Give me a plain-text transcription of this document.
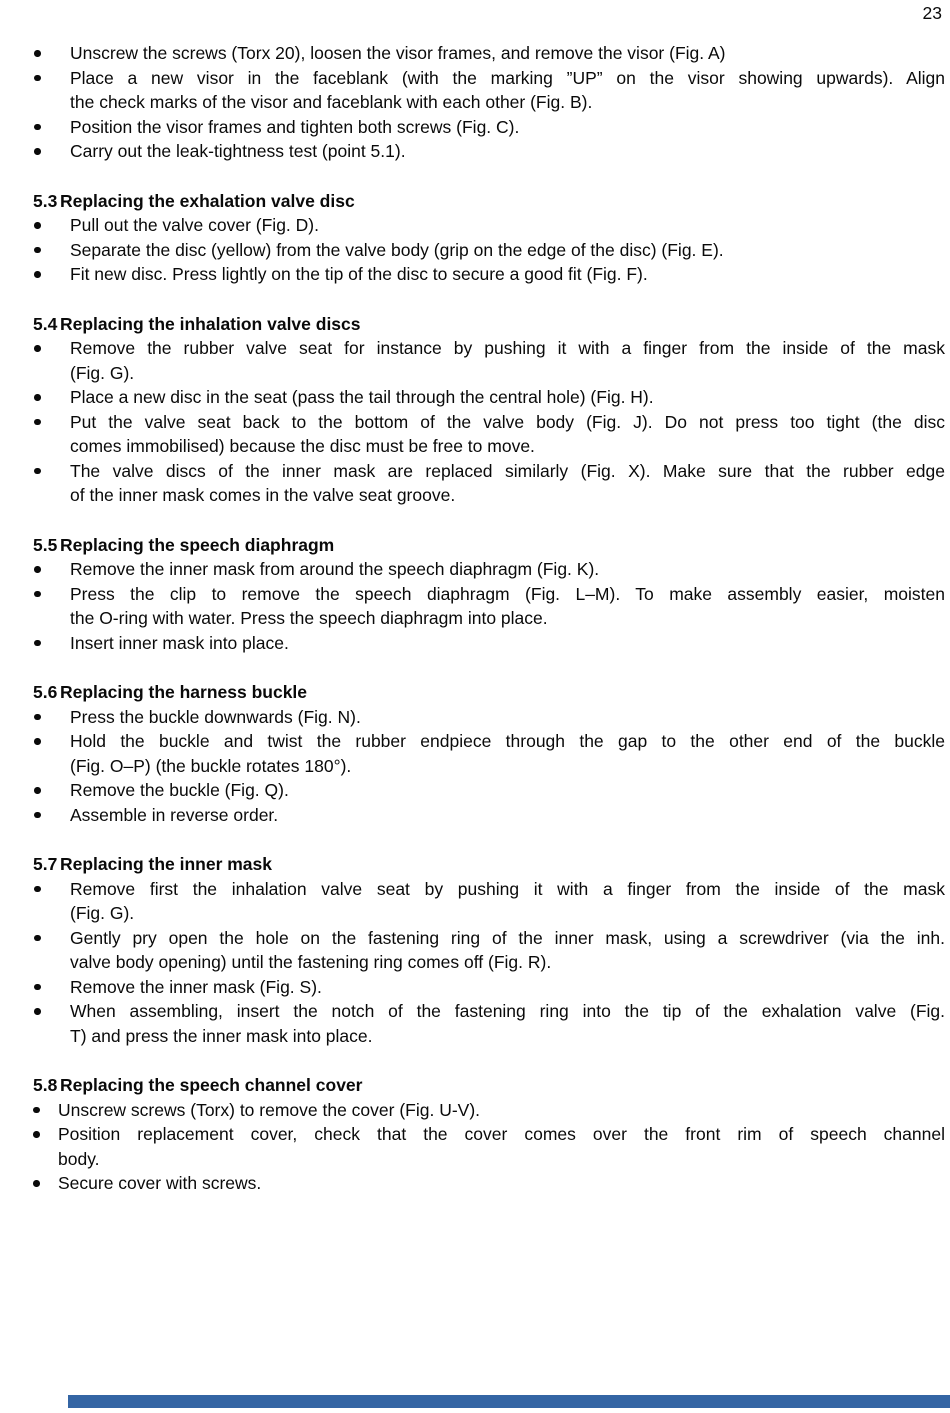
23
Unscrew the screws (Torx 20), loosen the visor frames, and remove the visor (Fig. A)
Place a new visor in the faceblank (with the marking ”UP” on the visor showing upwards). Align
the check marks of the visor and faceblank with each other (Fig. B).
Position the visor frames and tighten both screws (Fig. C).
Carry out the leak-tightness test (point 5.1).
5.3 Replacing the exhalation valve disc
Pull out the valve cover (Fig. D).
Separate the disc (yellow) from the valve body (grip on the edge of the disc) (Fig. E).
Fit new disc. Press lightly on the tip of the disc to secure a good fit (Fig. F).
5.4 Replacing the inhalation valve discs
Remove the rubber valve seat for instance by pushing it with a finger from the inside of the mask
(Fig. G).
Place a new disc in the seat (pass the tail through the central hole) (Fig. H).
Put the valve seat back to the bottom of the valve body (Fig. J). Do not press too tight (the disc
comes immobilised) because the disc must be free to move.
The valve discs of the inner mask are replaced similarly (Fig. X). Make sure that the rubber edge
of the inner mask comes in the valve seat groove.
5.5 Replacing the speech diaphragm
Remove the inner mask from around the speech diaphragm (Fig. K).
Press the clip to remove the speech diaphragm (Fig. L–M). To make assembly easier, moisten
the O-ring with water. Press the speech diaphragm into place.
Insert inner mask into place.
5.6 Replacing the harness buckle
Press the buckle downwards (Fig. N).
Hold the buckle and twist the rubber endpiece through the gap to the other end of the buckle
(Fig. O–P) (the buckle rotates 180°).
Remove the buckle (Fig. Q).
Assemble in reverse order.
5.7 Replacing the inner mask
Remove first the inhalation valve seat by pushing it with a finger from the inside of the mask
(Fig. G).
Gently pry open the hole on the fastening ring of the inner mask, using a screwdriver (via the inh.
valve body opening) until the fastening ring comes off (Fig. R).
Remove the inner mask (Fig. S).
When assembling, insert the notch of the fastening ring into the tip of the exhalation valve (Fig.
T) and press the inner mask into place.
5.8 Replacing the speech channel cover
Unscrew screws (Torx) to remove the cover (Fig. U-V).
Position replacement cover, check that the cover comes over the front rim of speech channel
body.
Secure cover with screws.
